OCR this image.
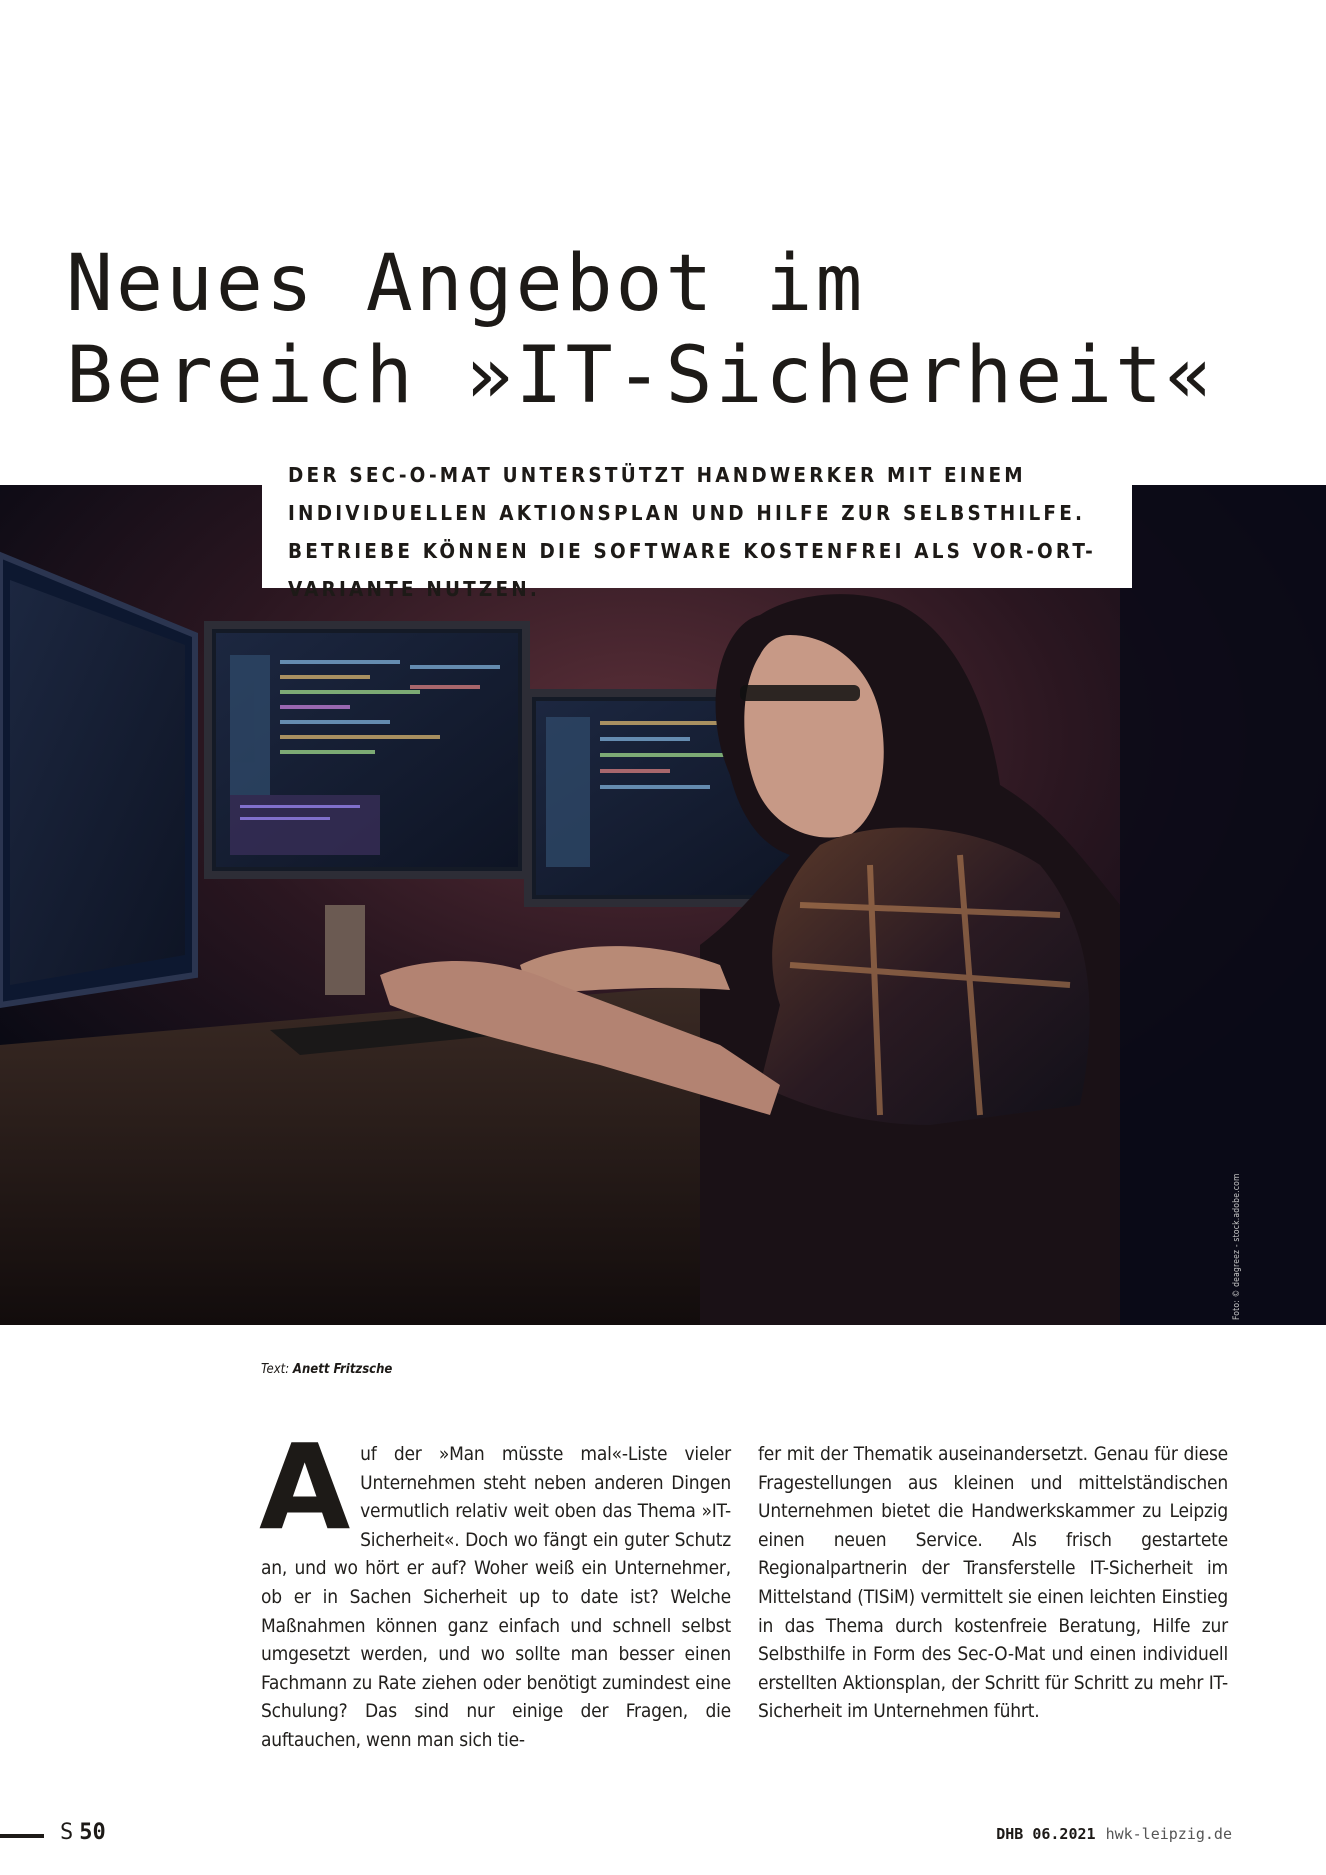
Neues Angebot im
Bereich »IT-Sicherheit«

DER SEC-O-MAT UNTERSTÜTZT HANDWERKER MIT EINEM INDIVIDUELLEN AKTIONSPLAN UND HILFE ZUR SELBSTHILFE. BETRIEBE KÖNNEN DIE SOFTWARE KOSTENFREI ALS VOR-ORT-VARIANTE NUTZEN.

Foto: © deagreez - stock.adobe.com
Text: Anett Fritzsche

A uf der »Man müsste mal«-Liste vieler Unternehmen steht neben anderen Dingen vermutlich relativ weit oben das Thema »IT-Sicherheit«. Doch wo fängt ein guter Schutz an, und wo hört er auf? Woher weiß ein Unternehmer, ob er in Sachen Sicherheit up to date ist? Welche Maßnahmen können ganz einfach und schnell selbst umgesetzt werden, und wo sollte man besser einen Fachmann zu Rate ziehen oder benötigt zumindest eine Schulung? Das sind nur einige der Fragen, die auftauchen, wenn man sich tie-

fer mit der Thematik auseinandersetzt. Genau für diese Fragestellungen aus kleinen und mittelständischen Unternehmen bietet die Handwerkskammer zu Leipzig einen neuen Service. Als frisch gestartete Regionalpartnerin der Transferstelle IT-Sicherheit im Mittelstand (TISiM) vermittelt sie einen leichten Einstieg in das Thema durch kostenfreie Beratung, Hilfe zur Selbsthilfe in Form des Sec-O-Mat und einen individuell erstellten Aktionsplan, der Schritt für Schritt zu mehr IT-Sicherheit im Unternehmen führt.

S 50	DHB 06.2021 hwk-leipzig.de
